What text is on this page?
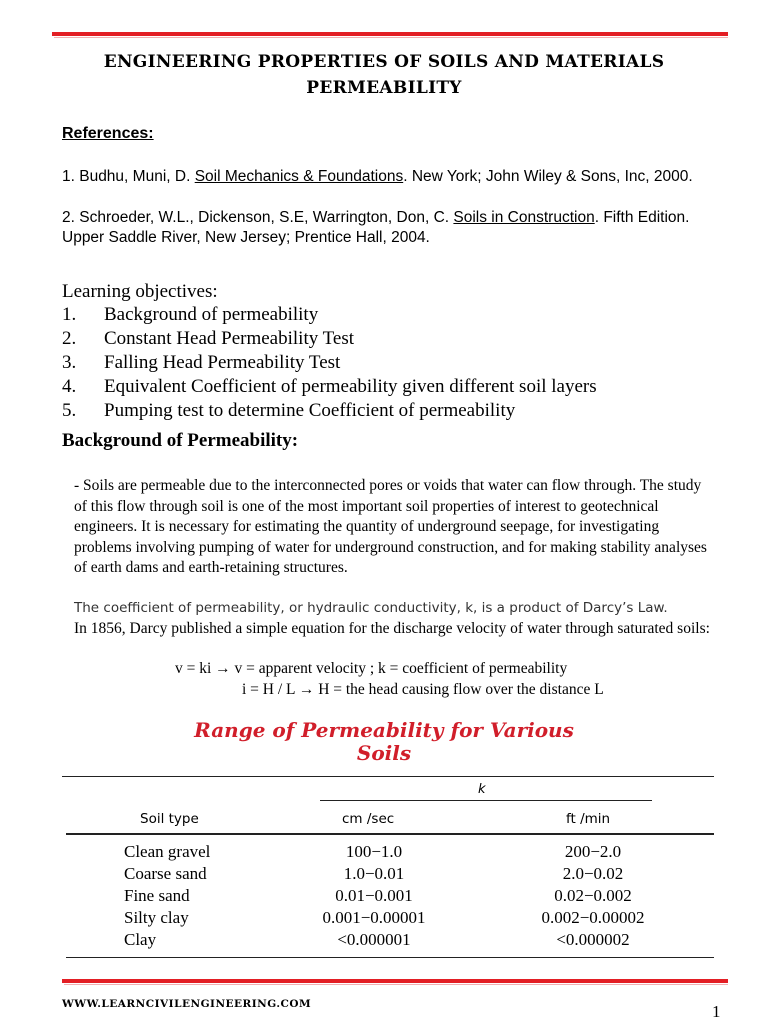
ENGINEERING PROPERTIES OF SOILS AND MATERIALS
PERMEABILITY
References:
1. Budhu, Muni, D. Soil Mechanics & Foundations. New York; John Wiley & Sons, Inc, 2000.
2. Schroeder, W.L., Dickenson, S.E, Warrington, Don, C. Soils in Construction. Fifth Edition. Upper Saddle River, New Jersey; Prentice Hall, 2004.
Learning objectives:
1. Background of permeability
2. Constant Head Permeability Test
3. Falling Head Permeability Test
4. Equivalent Coefficient of permeability given different soil layers
5. Pumping test to determine Coefficient of permeability
Background of Permeability:
- Soils are permeable due to the interconnected pores or voids that water can flow through. The study of this flow through soil is one of the most important soil properties of interest to geotechnical engineers. It is necessary for estimating the quantity of underground seepage, for investigating problems involving pumping of water for underground construction, and for making stability analyses of earth dams and earth-retaining structures.
The coefficient of permeability, or hydraulic conductivity, k, is a product of Darcy’s Law.
In 1856, Darcy published a simple equation for the discharge velocity of water through saturated soils:
v = ki → v = apparent velocity ; k = coefficient of permeability
i = H / L → H = the head causing flow over the distance L
Range of Permeability for Various
Soils
k
Soil type	cm /sec	ft /min
Clean gravel	100−1.0	200−2.0
Coarse sand	1.0−0.01	2.0−0.02
Fine sand	0.01−0.001	0.02−0.002
Silty clay	0.001−0.00001	0.002−0.00002
Clay	<0.000001	<0.000002
WWW.LEARNCIVILENGINEERING.COM	1
